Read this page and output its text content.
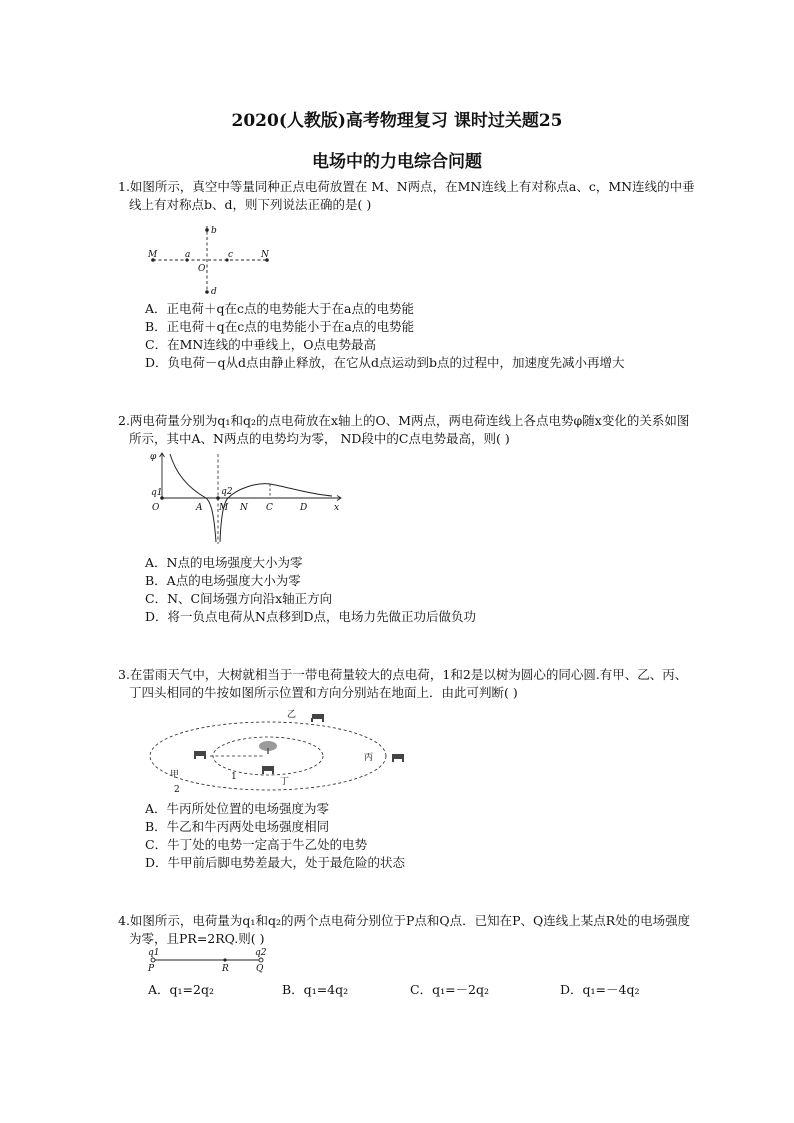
2020(人教版)高考物理复习 课时过关题25
电场中的力电综合问题

1.如图所示，真空中等量同种正点电荷放置在 M、N两点，在MN连线上有对称点a、c，MN连线的中垂线上有对称点b、d，则下列说法正确的是( )

M	N
a	c
b
d
O
A．正电荷＋q在c点的电势能大于在a点的电势能
B．正电荷＋q在c点的电势能小于在a点的电势能
C．在MN连线的中垂线上，O点电势最高
D．负电荷－q从d点由静止释放，在它从d点运动到b点的过程中，加速度先减小再增大

2.两电荷量分别为q₁和q₂的点电荷放在x轴上的O、M两点，两电荷连线上各点电势φ随x变化的关系如图所示，其中A、N两点的电势均为零， ND段中的C点电势最高，则( )

φ
q1	q2
O	A M N C	D	x
A．N点的电场强度大小为零
B．A点的电场强度大小为零
C．N、C间场强方向沿x轴正方向
D．将一负点电荷从N点移到D点，电场力先做正功后做负功

3.在雷雨天气中，大树就相当于一带电荷量较大的点电荷，1和2是以树为圆心的同心圆.有甲、乙、丙、丁四头相同的牛按如图所示位置和方向分别站在地面上．由此可判断( )

乙
甲
丙
丁
1
2
A．牛丙所处位置的电场强度为零
B．牛乙和牛丙两处电场强度相同
C．牛丁处的电势一定高于牛乙处的电势
D．牛甲前后脚电势差最大，处于最危险的状态

4.如图所示，电荷量为q₁和q₂的两个点电荷分别位于P点和Q点．已知在P、Q连线上某点R处的电场强度为零，且PR=2RQ.则( )

q1	q2
P	R	Q
A．q₁=2q₂	B．q₁=4q₂	C．q₁=－2q₂	D．q₁=－4q₂
